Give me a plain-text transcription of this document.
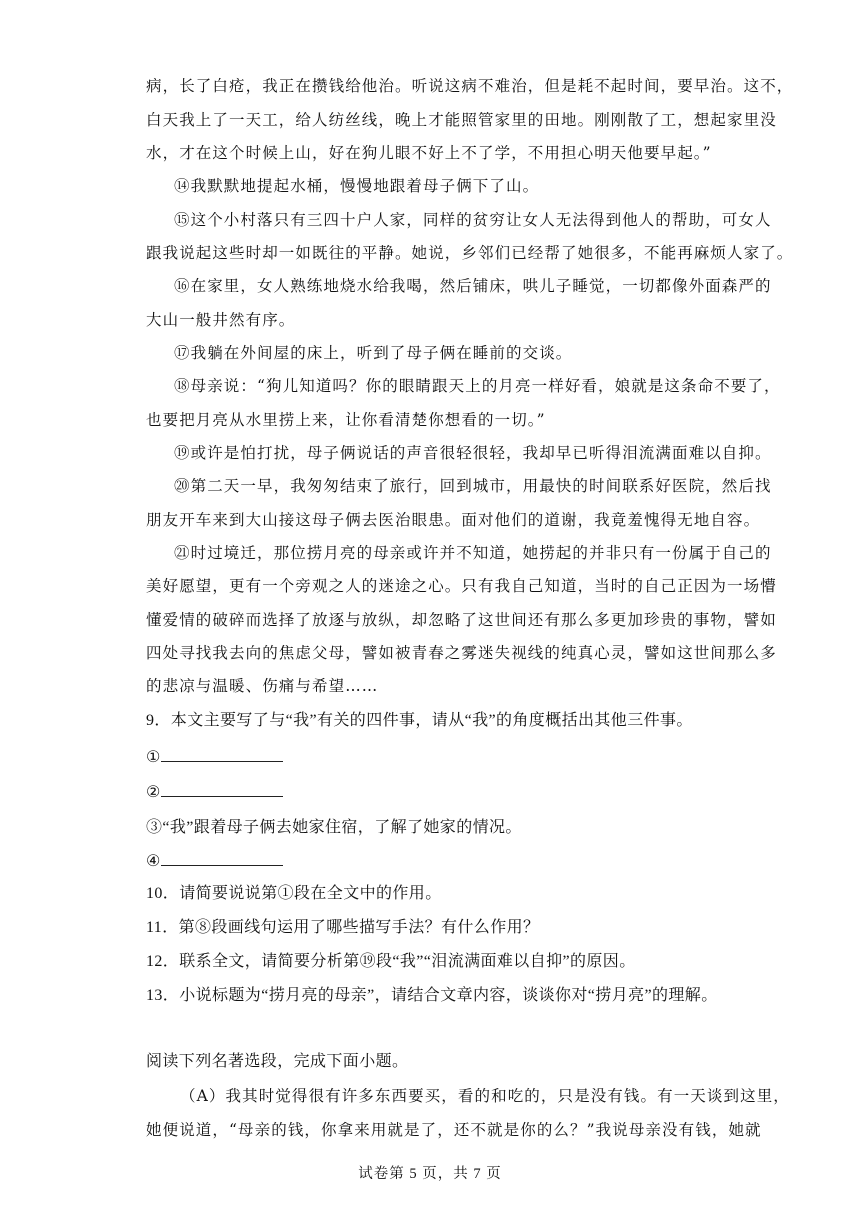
病，长了白疮，我正在攒钱给他治。听说这病不难治，但是耗不起时间，要早治。这不，
白天我上了一天工，给人纺丝线，晚上才能照管家里的田地。刚刚散了工，想起家里没
水，才在这个时候上山，好在狗儿眼不好上不了学，不用担心明天他要早起。”
⑭我默默地提起水桶，慢慢地跟着母子俩下了山。
⑮这个小村落只有三四十户人家，同样的贫穷让女人无法得到他人的帮助，可女人
跟我说起这些时却一如既往的平静。她说，乡邻们已经帮了她很多，不能再麻烦人家了。
⑯在家里，女人熟练地烧水给我喝，然后铺床，哄儿子睡觉，一切都像外面森严的
大山一般井然有序。
⑰我躺在外间屋的床上，听到了母子俩在睡前的交谈。
⑱母亲说：“狗儿知道吗？你的眼睛跟天上的月亮一样好看，娘就是这条命不要了，
也要把月亮从水里捞上来，让你看清楚你想看的一切。”
⑲或许是怕打扰，母子俩说话的声音很轻很轻，我却早已听得泪流满面难以自抑。
⑳第二天一早，我匆匆结束了旅行，回到城市，用最快的时间联系好医院，然后找
朋友开车来到大山接这母子俩去医治眼患。面对他们的道谢，我竟羞愧得无地自容。
㉑时过境迁，那位捞月亮的母亲或许并不知道，她捞起的并非只有一份属于自己的
美好愿望，更有一个旁观之人的迷途之心。只有我自己知道，当时的自己正因为一场懵
懂爱情的破碎而选择了放逐与放纵，却忽略了这世间还有那么多更加珍贵的事物，譬如
四处寻找我去向的焦虑父母，譬如被青春之雾迷失视线的纯真心灵，譬如这世间那么多
的悲凉与温暖、伤痛与希望……
9．本文主要写了与“我”有关的四件事，请从“我”的角度概括出其他三件事。
①
②
③“我”跟着母子俩去她家住宿，了解了她家的情况。
④
10．请简要说说第①段在全文中的作用。
11．第⑧段画线句运用了哪些描写手法？有什么作用？
12．联系全文，请简要分析第⑲段“我”“泪流满面难以自抑”的原因。
13．小说标题为“捞月亮的母亲”，请结合文章内容，谈谈你对“捞月亮”的理解。
阅读下列名著选段，完成下面小题。
（A）我其时觉得很有许多东西要买，看的和吃的，只是没有钱。有一天谈到这里，
她便说道，“母亲的钱，你拿来用就是了，还不就是你的么？”我说母亲没有钱，她就
试卷第 5 页，共 7 页
